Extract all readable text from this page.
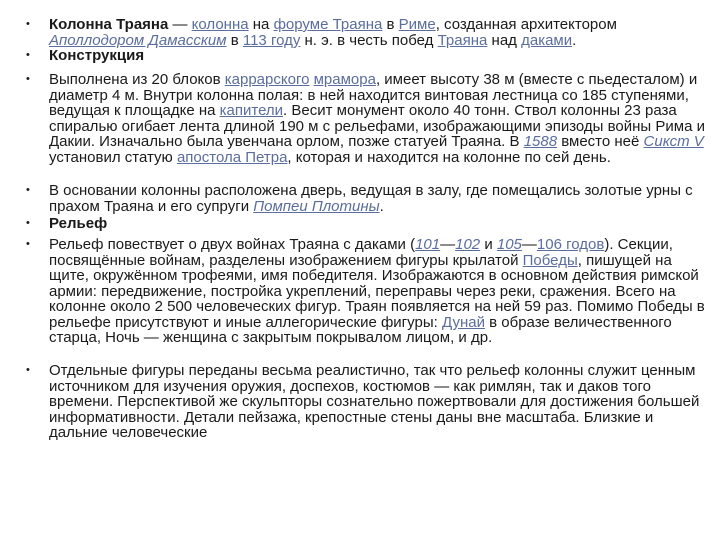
• Колонна Траяна — колонна на форуме Траяна в Риме, созданная архитектором Аполлодором Дамасским в 113 году н. э. в честь побед Траяна над даками.
• Конструкция
• Выполнена из 20 блоков каррарского мрамора, имеет высоту 38 м (вместе с пьедесталом) и диаметр 4 м. Внутри колонна полая: в ней находится винтовая лестница со 185 ступенями, ведущая к площадке на капители. Весит монумент около 40 тонн. Ствол колонны 23 раза спиралью огибает лента длиной 190 м с рельефами, изображающими эпизоды войны Рима и Дакии. Изначально была увенчана орлом, позже статуей Траяна. В 1588 вместо неё Сикст V установил статую апостола Петра, которая и находится на колонне по сей день.
• В основании колонны расположена дверь, ведущая в залу, где помещались золотые урны с прахом Траяна и его супруги Помпеи Плотины.
• Рельеф
• Рельеф повествует о двух войнах Траяна с даками (101—102 и 105—106 годов). Секции, посвящённые войнам, разделены изображением фигуры крылатой Победы, пишущей на щите, окружённом трофеями, имя победителя. Изображаются в основном действия римской армии: передвижение, постройка укреплений, переправы через реки, сражения. Всего на колонне около 2 500 человеческих фигур. Траян появляется на ней 59 раз. Помимо Победы в рельефе присутствуют и иные аллегорические фигуры: Дунай в образе величественного старца, Ночь — женщина с закрытым покрывалом лицом, и др.
• Отдельные фигуры переданы весьма реалистично, так что рельеф колонны служит ценным источником для изучения оружия, доспехов, костюмов — как римлян, так и даков того времени. Перспективой же скульпторы сознательно пожертвовали для достижения большей информативности. Детали пейзажа, крепостные стены даны вне масштаба. Близкие и дальние человеческие
